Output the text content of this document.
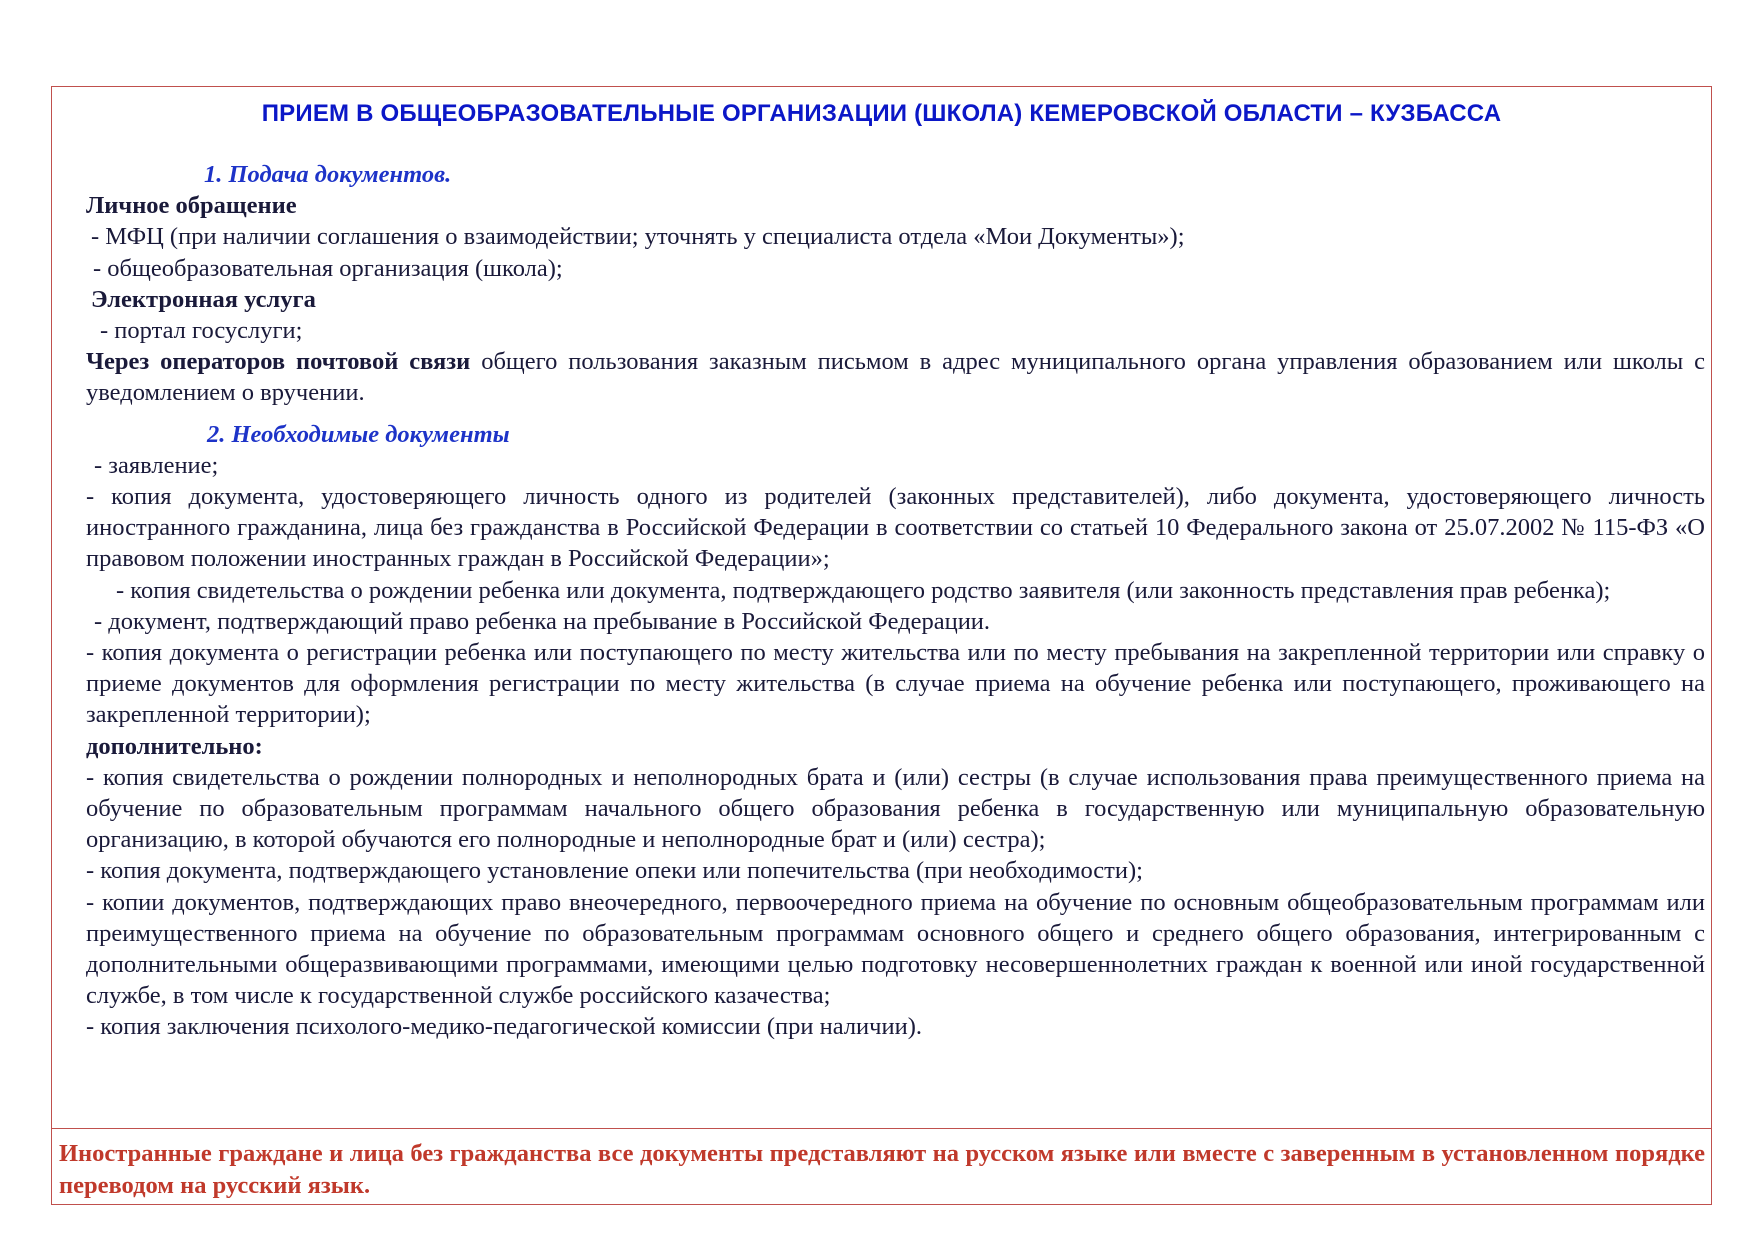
ПРИЕМ В ОБЩЕОБРАЗОВАТЕЛЬНЫЕ ОРГАНИЗАЦИИ (ШКОЛА) КЕМЕРОВСКОЙ ОБЛАСТИ – КУЗБАССА

1. Подача документов.

Личное обращение

- МФЦ (при наличии соглашения о взаимодействии; уточнять у специалиста отдела «Мои Документы»);

- общеобразовательная организация (школа);

Электронная услуга

- портал госуслуги;

Через операторов почтовой связи общего пользования заказным письмом в адрес муниципального органа управления образованием или школы с уведомлением о вручении.

2. Необходимые документы

- заявление;

- копия документа, удостоверяющего личность одного из родителей (законных представителей), либо документа, удостоверяющего личность иностранного гражданина, лица без гражданства в Российской Федерации в соответствии со статьей 10 Федерального закона от 25.07.2002 № 115-ФЗ «О правовом положении иностранных граждан в Российской Федерации»;

- копия свидетельства о рождении ребенка или документа, подтверждающего родство заявителя (или законность представления прав ребенка);

- документ, подтверждающий право ребенка на пребывание в Российской Федерации.

- копия документа о регистрации ребенка или поступающего по месту жительства или по месту пребывания на закрепленной территории или справку о приеме документов для оформления регистрации по месту жительства (в случае приема на обучение ребенка или поступающего, проживающего на закрепленной территории);

дополнительно:

- копия свидетельства о рождении полнородных и неполнородных брата и (или) сестры (в случае использования права преимущественного приема на обучение по образовательным программам начального общего образования ребенка в государственную или муниципальную образовательную организацию, в которой обучаются его полнородные и неполнородные брат и (или) сестра);

- копия документа, подтверждающего установление опеки или попечительства (при необходимости);

- копии документов, подтверждающих право внеочередного, первоочередного приема на обучение по основным общеобразовательным программам или преимущественного приема на обучение по образовательным программам основного общего и среднего общего образования, интегрированным с дополнительными общеразвивающими программами, имеющими целью подготовку несовершеннолетних граждан к военной или иной государственной службе, в том числе к государственной службе российского казачества;

- копия заключения психолого-медико-педагогической комиссии (при наличии).

Иностранные граждане и лица без гражданства все документы представляют на русском языке или вместе с заверенным в установленном порядке переводом на русский язык.
